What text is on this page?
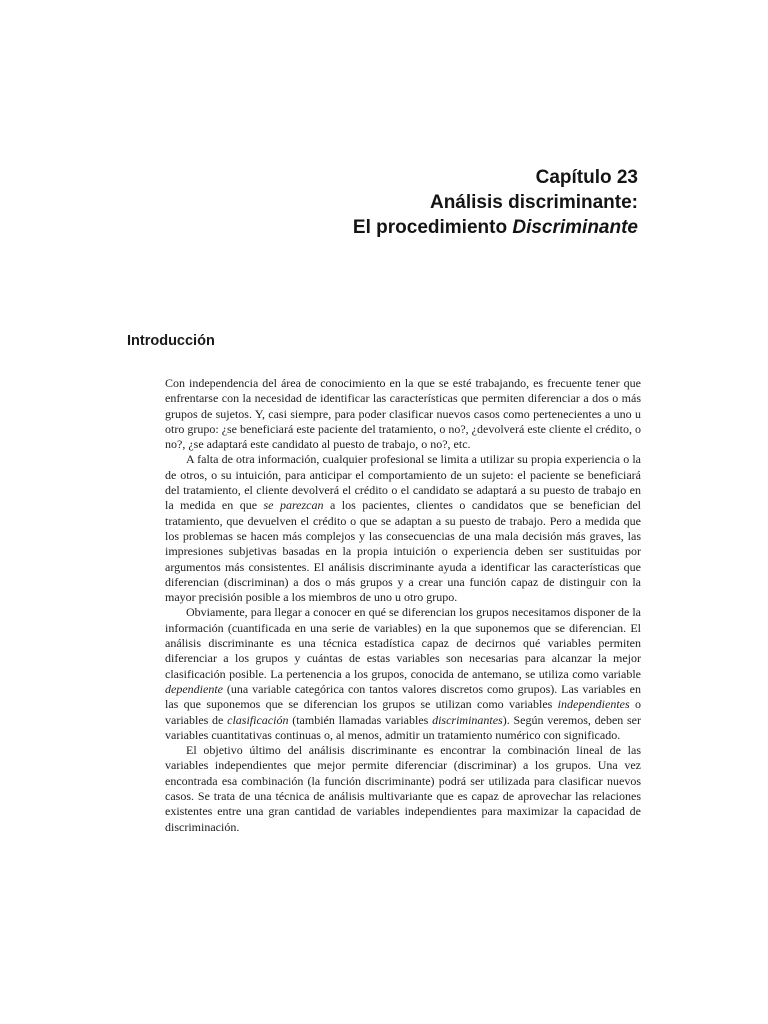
Capítulo 23
Análisis discriminante:
El procedimiento Discriminante
Introducción

Con independencia del área de conocimiento en la que se esté trabajando, es frecuente tener que enfrentarse con la necesidad de identificar las características que permiten diferenciar a dos o más grupos de sujetos. Y, casi siempre, para poder clasificar nuevos casos como pertenecientes a uno u otro grupo: ¿se beneficiará este paciente del tratamiento, o no?, ¿devolverá este cliente el crédito, o no?, ¿se adaptará este candidato al puesto de trabajo, o no?, etc.

A falta de otra información, cualquier profesional se limita a utilizar su propia experiencia o la de otros, o su intuición, para anticipar el comportamiento de un sujeto: el paciente se beneficiará del tratamiento, el cliente devolverá el crédito o el candidato se adaptará a su puesto de trabajo en la medida en que se parezcan a los pacientes, clientes o candidatos que se benefician del tratamiento, que devuelven el crédito o que se adaptan a su puesto de trabajo. Pero a medida que los problemas se hacen más complejos y las consecuencias de una mala decisión más graves, las impresiones subjetivas basadas en la propia intuición o experiencia deben ser sustituidas por argumentos más consistentes. El análisis discriminante ayuda a identificar las características que diferencian (discriminan) a dos o más grupos y a crear una función capaz de distinguir con la mayor precisión posible a los miembros de uno u otro grupo.

Obviamente, para llegar a conocer en qué se diferencian los grupos necesitamos disponer de la información (cuantificada en una serie de variables) en la que suponemos que se diferencian. El análisis discriminante es una técnica estadística capaz de decirnos qué variables permiten diferenciar a los grupos y cuántas de estas variables son necesarias para alcanzar la mejor clasificación posible. La pertenencia a los grupos, conocida de antemano, se utiliza como variable dependiente (una variable categórica con tantos valores discretos como grupos). Las variables en las que suponemos que se diferencian los grupos se utilizan como variables independientes o variables de clasificación (también llamadas variables discriminantes). Según veremos, deben ser variables cuantitativas continuas o, al menos, admitir un tratamiento numérico con significado.

El objetivo último del análisis discriminante es encontrar la combinación lineal de las variables independientes que mejor permite diferenciar (discriminar) a los grupos. Una vez encontrada esa combinación (la función discriminante) podrá ser utilizada para clasificar nuevos casos. Se trata de una técnica de análisis multivariante que es capaz de aprovechar las relaciones existentes entre una gran cantidad de variables independientes para maximizar la capacidad de discriminación.
